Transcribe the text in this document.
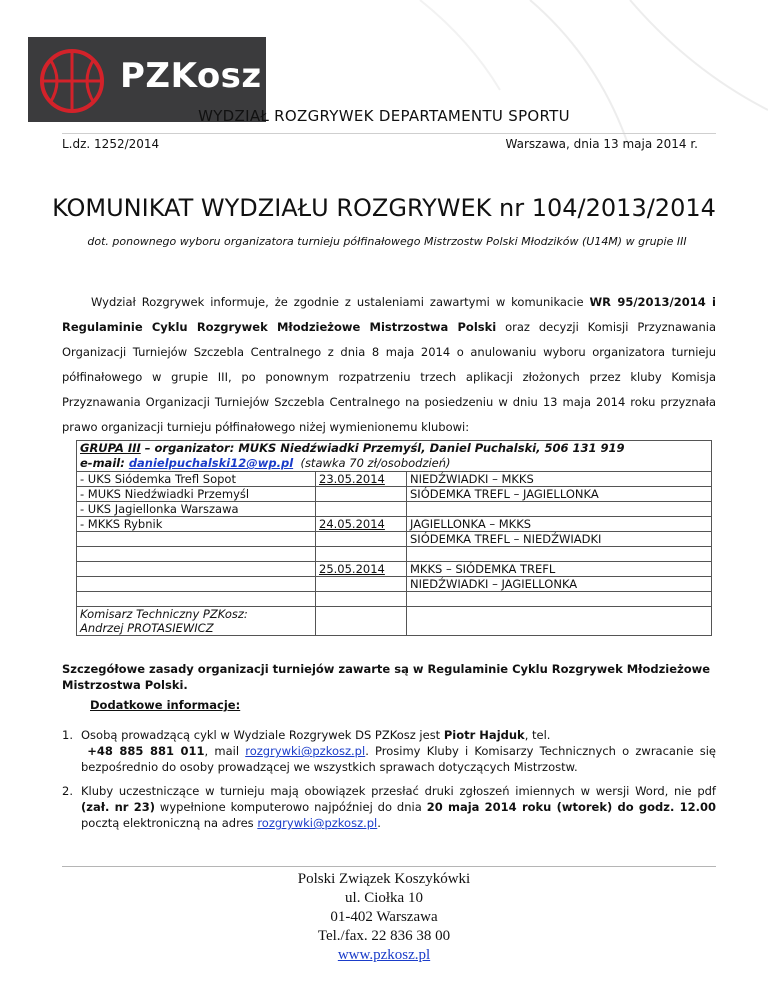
PZKosz
WYDZIAŁ ROZGRYWEK DEPARTAMENTU SPORTU
L.dz. 1252/2014	Warszawa, dnia 13 maja 2014 r.
KOMUNIKAT WYDZIAŁU ROZGRYWEK nr 104/2013/2014
dot. ponownego wyboru organizatora turnieju półfinałowego Mistrzostw Polski Młodzików (U14M) w grupie III
Wydział Rozgrywek informuje, że zgodnie z ustaleniami zawartymi w komunikacie WR 95/2013/2014 i Regulaminie Cyklu Rozgrywek Młodzieżowe Mistrzostwa Polski oraz decyzji Komisji Przyznawania Organizacji Turniejów Szczebla Centralnego z dnia 8 maja 2014 o anulowaniu wyboru organizatora turnieju półfinałowego w grupie III, po ponownym rozpatrzeniu trzech aplikacji złożonych przez kluby Komisja Przyznawania Organizacji Turniejów Szczebla Centralnego na posiedzeniu w dniu 13 maja 2014 roku przyznała prawo organizacji turnieju półfinałowego niżej wymienionemu klubowi:
GRUPA III – organizator: MUKS Niedźwiadki Przemyśl, Daniel Puchalski, 506 131 919
e-mail: danielpuchalski12@wp.pl (stawka 70 zł/osobodzień)		
- UKS Siódemka Trefl Sopot	23.05.2014	NIEDŹWIADKI – MKKS
- MUKS Niedźwiadki Przemyśl		SIÓDEMKA TREFL – JAGIELLONKA
- UKS Jagiellonka Warszawa		
- MKKS Rybnik	24.05.2014	JAGIELLONKA – MKKS
		SIÓDEMKA TREFL – NIEDŹWIADKI

	25.05.2014	MKKS – SIÓDEMKA TREFL
		NIEDŹWIADKI – JAGIELLONKA

Komisarz Techniczny PZKosz:
Andrzej PROTASIEWICZ		
Szczegółowe zasady organizacji turniejów zawarte są w Regulaminie Cyklu Rozgrywek Młodzieżowe Mistrzostwa Polski.
Dodatkowe informacje:
1. Osobą prowadzącą cykl w Wydziale Rozgrywek DS PZKosz jest Piotr Hajduk, tel.
+48 885 881 011, mail rozgrywki@pzkosz.pl. Prosimy Kluby i Komisarzy Technicznych o zwracanie się bezpośrednio do osoby prowadzącej we wszystkich sprawach dotyczących Mistrzostw.
2. Kluby uczestniczące w turnieju mają obowiązek przesłać druki zgłoszeń imiennych w wersji Word, nie pdf (zał. nr 23) wypełnione komputerowo najpóźniej do dnia 20 maja 2014 roku (wtorek) do godz. 12.00 pocztą elektroniczną na adres rozgrywki@pzkosz.pl.
Polski Związek Koszykówki
ul. Ciołka 10
01-402 Warszawa
Tel./fax. 22 836 38 00
www.pzkosz.pl
